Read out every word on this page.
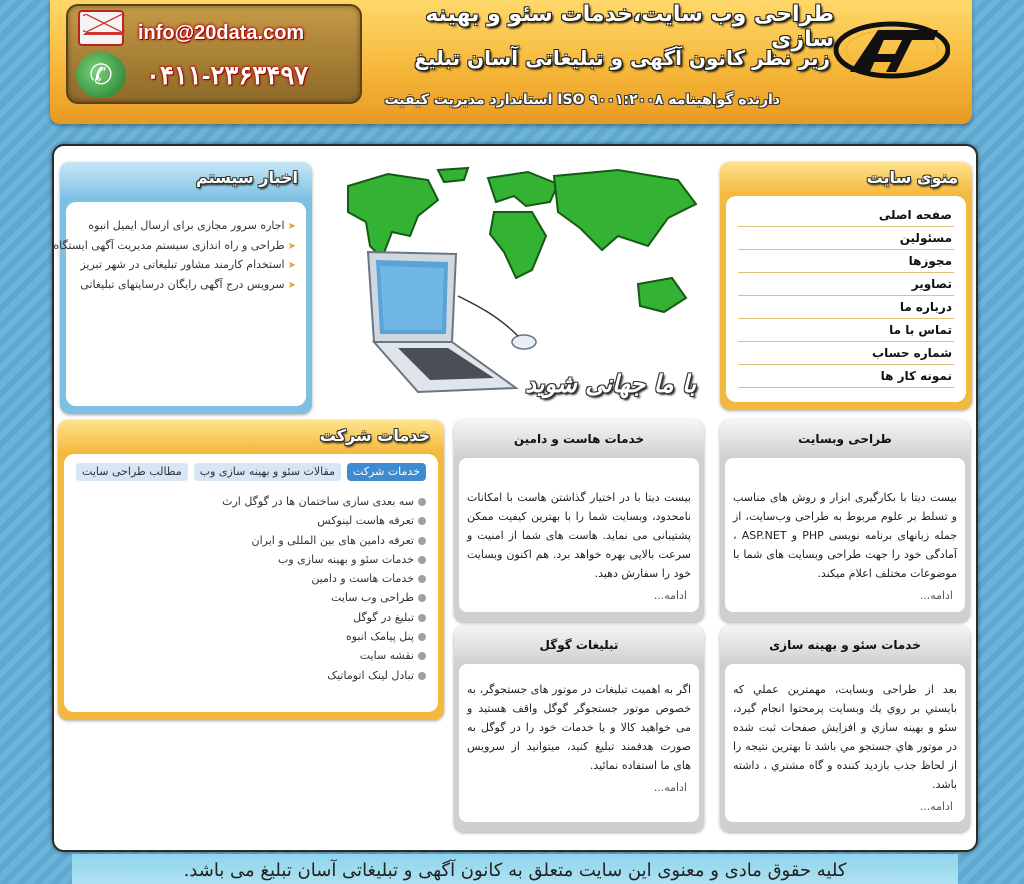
✆
info@20data.com
۰۴۱۱-۲۳۶۳۴۹۷
طراحی وب سایت،خدمات سئو و بهینه سازی
زیر نظر کانون آگهی و تبلیغاتی آسان تبلیغ
دارنده گواهینامه ۹۰۰۱:۲۰۰۸ ISO استاندارد مدیریت کیفیت
منوی سایت
صفحه اصلی
مسئولین
مجوزها
تصاویر
درباره ما
تماس با ما
شماره حساب
نمونه کار ها
اخبار سیستم
➤اجاره سرور مجازی برای ارسال ایمیل انبوه
➤طراحی و راه اندازی سیستم مدیریت آگهی ایستگاه
➤استخدام کارمند مشاور تبلیغاتی در شهر تبریز
➤سرویس درج آگهی رایگان درسایتهای تبلیغاتی
با ما جهانی شوید
خدمات شرکت
خدمات شرکتمقالات سئو و بهینه سازی وبمطالب طراحی سایت
سه بعدی سازی ساختمان ها در گوگل ارث
تعرفه هاست لینوکس
تعرفه دامین های بین المللی و ایران
خدمات سئو و بهینه سازی وب
خدمات هاست و دامین
طراحی وب سایت
تبلیغ در گوگل
پنل پیامک انبوه
نقشه سایت
تبادل لینک اتوماتیک
خدمات هاست و دامین
بیست دیتا با در اختیار گذاشتن هاست با امکانات نامحدود، وبسایت شما را با بهترین کیفیت ممکن پشتیبانی می نماید. هاست های شما از امنیت و سرعت بالایی بهره خواهد برد. هم اکنون وبسایت خود را سفارش دهید.
ادامه...
طراحی وبسایت
بیست دیتا با بکارگیری ابزار و روش های مناسب و تسلط بر علوم مربوط به طراحی وب‌سایت، از جمله زبانهای برنامه نویسی PHP و ASP.NET ، آمادگی خود را جهت طراحی وبسایت های شما با موضوعات مختلف اعلام میکند.
ادامه...
تبلیغات گوگل
اگر به اهمیت تبلیغات در موتور های جستجوگر، به خصوص موتور جستجوگر گوگل واقف هستید و می خواهید کالا و یا خدمات خود را در گوگل به صورت هدفمند تبلیغ کنید، میتوانید از سرویس های ما استفاده نمائید.
ادامه...
خدمات سئو و بهینه سازی
بعد از طراحی وبسایت، مهمترین عملي كه بایستي بر روي یك وبسایت پرمحتوا انجام گیرد، سئو و بهینه سازي و افزایش صفحات ثبت شده در موتور هاي جستجو مي باشد تا بهترین نتیجه را از لحاظ جذب بازدید کننده و گاه مشتري ، داشته باشد.
ادامه...
کلیه حقوق مادی و معنوی این سایت متعلق به کانون آگهی و تبلیغاتی آسان تبلیغ می باشد.
